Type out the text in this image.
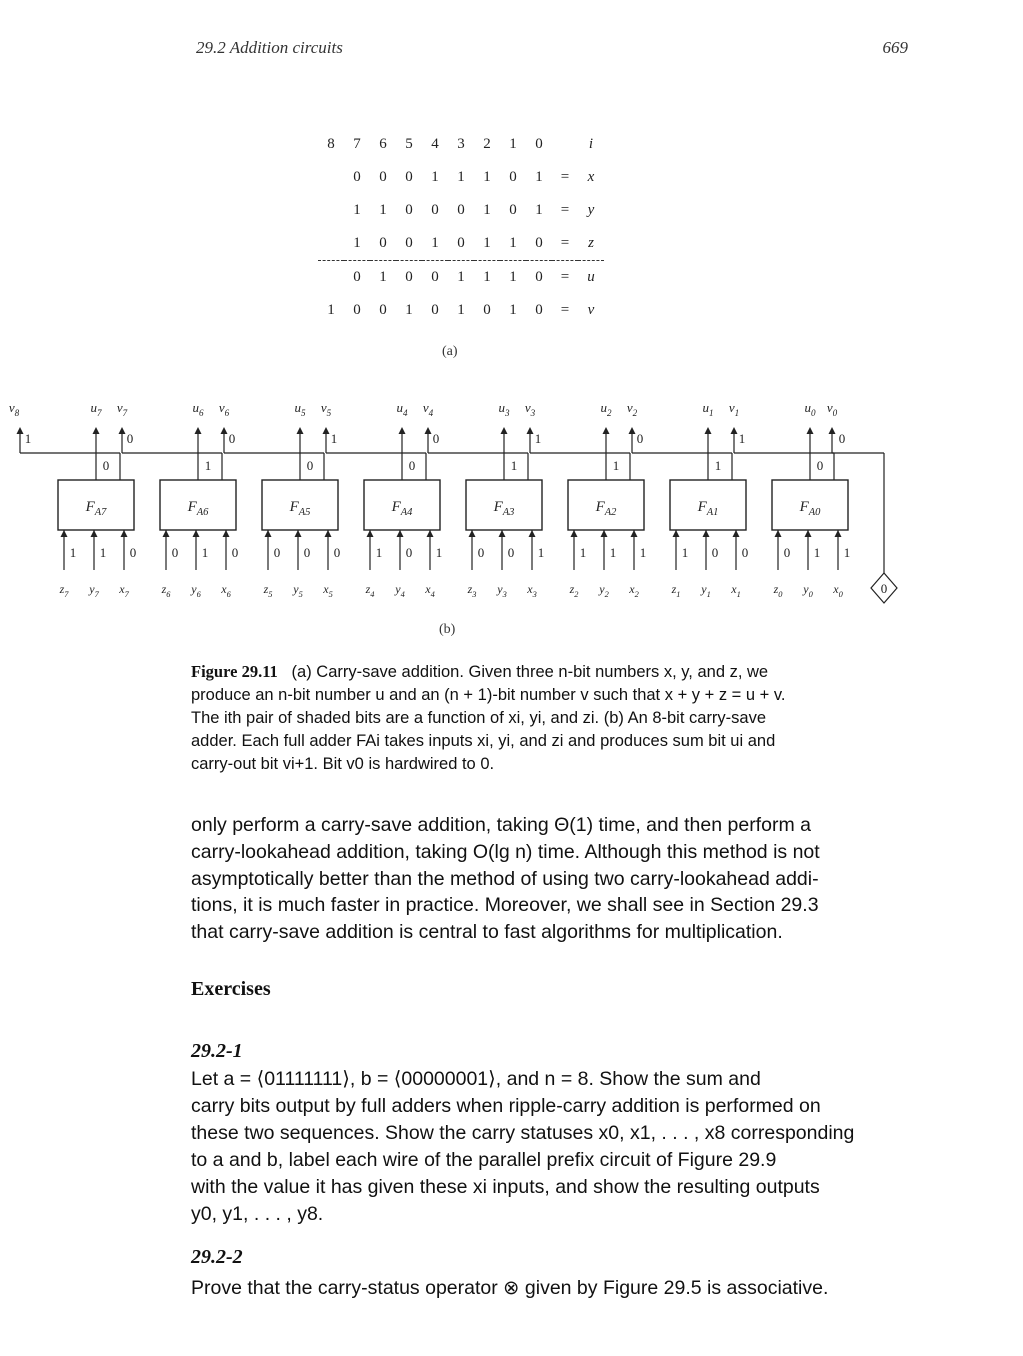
29.2 Addition circuits	669
8	7	6	5	4	3	2	1	0		i
	0	0	0	1	1	1	0	1	=	x
	1	1	0	0	0	1	0	1	=	y
	1	0	0	1	0	1	1	0	=	z
	0	1	0	0	1	1	1	0	=	u
1	0	0	1	0	1	0	1	0	=	v
(a)
$F_{A7}$
$u_7$
0
$v_8$
1
1
$z_7$
1
$y_7$
0
$x_7$
$F_{A6}$
$u_6$
1
$v_7$
0
0
$z_6$
1
$y_6$
0
$x_6$
$F_{A5}$
$u_5$
0
$v_6$
0
0
$z_5$
0
$y_5$
0
$x_5$
$F_{A4}$
$u_4$
0
$v_5$
1
1
$z_4$
0
$y_4$
1
$x_4$
$F_{A3}$
$u_3$
1
$v_4$
0
0
$z_3$
0
$y_3$
1
$x_3$
$F_{A2}$
$u_2$
1
$v_3$
1
1
$z_2$
1
$y_2$
1
$x_2$
$F_{A1}$
$u_1$
1
$v_2$
0
1
$z_1$
0
$y_1$
0
$x_1$
$F_{A0}$
$u_0$
0
$v_1$
1
0
$z_0$
1
$y_0$
1
$x_0$
$v_0$
0
0
(b)
Figure 29.11 (a) Carry-save addition. Given three n-bit numbers x, y, and z, we
produce an n-bit number u and an (n + 1)-bit number v such that x + y + z = u + v.
The ith pair of shaded bits are a function of xi, yi, and zi. (b) An 8-bit carry-save
adder. Each full adder FAi takes inputs xi, yi, and zi and produces sum bit ui and
carry-out bit vi+1. Bit v0 is hardwired to 0.
only perform a carry-save addition, taking Θ(1) time, and then perform a
carry-lookahead addition, taking O(lg n) time. Although this method is not
asymptotically better than the method of using two carry-lookahead addi-
tions, it is much faster in practice. Moreover, we shall see in Section 29.3
that carry-save addition is central to fast algorithms for multiplication.
Exercises
29.2-1
Let a = ⟨01111111⟩, b = ⟨00000001⟩, and n = 8. Show the sum and
carry bits output by full adders when ripple-carry addition is performed on
these two sequences. Show the carry statuses x0, x1, . . . , x8 corresponding
to a and b, label each wire of the parallel prefix circuit of Figure 29.9
with the value it has given these xi inputs, and show the resulting outputs
y0, y1, . . . , y8.
29.2-2
Prove that the carry-status operator ⊗ given by Figure 29.5 is associative.
